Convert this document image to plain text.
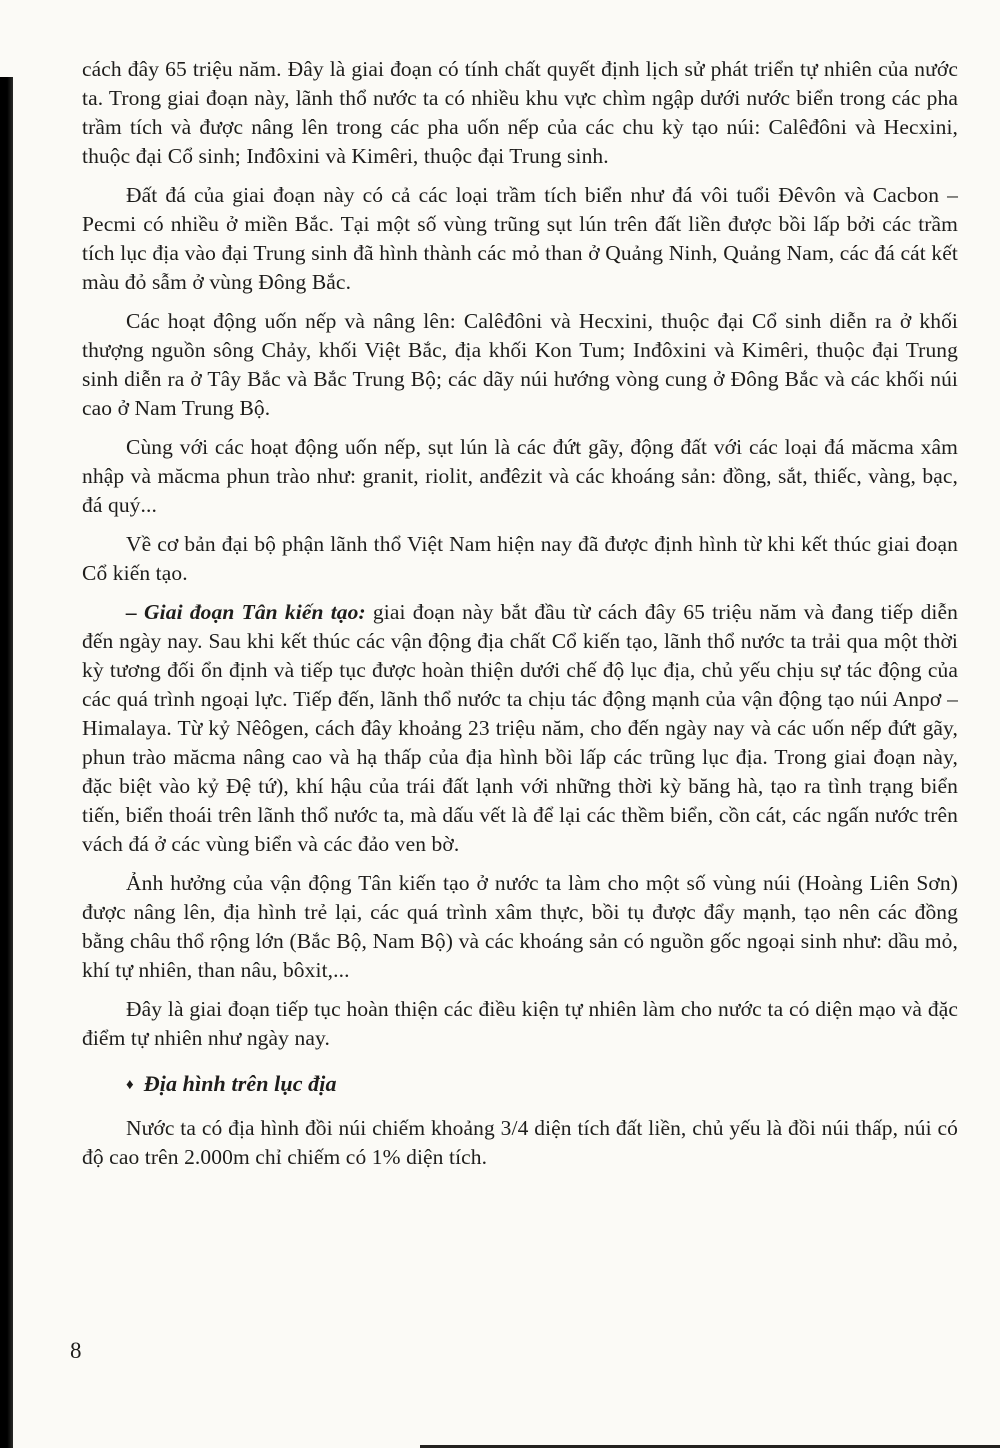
cách đây 65 triệu năm. Đây là giai đoạn có tính chất quyết định lịch sử phát triển tự nhiên của nước ta. Trong giai đoạn này, lãnh thổ nước ta có nhiều khu vực chìm ngập dưới nước biển trong các pha trầm tích và được nâng lên trong các pha uốn nếp của các chu kỳ tạo núi: Calêđôni và Hecxini, thuộc đại Cổ sinh; Inđôxini và Kimêri, thuộc đại Trung sinh.

Đất đá của giai đoạn này có cả các loại trầm tích biển như đá vôi tuổi Đêvôn và Cacbon – Pecmi có nhiều ở miền Bắc. Tại một số vùng trũng sụt lún trên đất liền được bồi lấp bởi các trầm tích lục địa vào đại Trung sinh đã hình thành các mỏ than ở Quảng Ninh, Quảng Nam, các đá cát kết màu đỏ sẫm ở vùng Đông Bắc.

Các hoạt động uốn nếp và nâng lên: Calêđôni và Hecxini, thuộc đại Cổ sinh diễn ra ở khối thượng nguồn sông Chảy, khối Việt Bắc, địa khối Kon Tum; Inđôxini và Kimêri, thuộc đại Trung sinh diễn ra ở Tây Bắc và Bắc Trung Bộ; các dãy núi hướng vòng cung ở Đông Bắc và các khối núi cao ở Nam Trung Bộ.

Cùng với các hoạt động uốn nếp, sụt lún là các đứt gãy, động đất với các loại đá măcma xâm nhập và măcma phun trào như: granit, riolit, anđêzit và các khoáng sản: đồng, sắt, thiếc, vàng, bạc, đá quý...

Về cơ bản đại bộ phận lãnh thổ Việt Nam hiện nay đã được định hình từ khi kết thúc giai đoạn Cổ kiến tạo.

– Giai đoạn Tân kiến tạo: giai đoạn này bắt đầu từ cách đây 65 triệu năm và đang tiếp diễn đến ngày nay. Sau khi kết thúc các vận động địa chất Cổ kiến tạo, lãnh thổ nước ta trải qua một thời kỳ tương đối ổn định và tiếp tục được hoàn thiện dưới chế độ lục địa, chủ yếu chịu sự tác động của các quá trình ngoại lực. Tiếp đến, lãnh thổ nước ta chịu tác động mạnh của vận động tạo núi Anpơ – Himalaya. Từ kỷ Nêôgen, cách đây khoảng 23 triệu năm, cho đến ngày nay và các uốn nếp đứt gãy, phun trào măcma nâng cao và hạ thấp của địa hình bồi lấp các trũng lục địa. Trong giai đoạn này, đặc biệt vào kỷ Đệ tứ), khí hậu của trái đất lạnh với những thời kỳ băng hà, tạo ra tình trạng biển tiến, biển thoái trên lãnh thổ nước ta, mà dấu vết là để lại các thềm biển, cồn cát, các ngấn nước trên vách đá ở các vùng biển và các đảo ven bờ.

Ảnh hưởng của vận động Tân kiến tạo ở nước ta làm cho một số vùng núi (Hoàng Liên Sơn) được nâng lên, địa hình trẻ lại, các quá trình xâm thực, bồi tụ được đẩy mạnh, tạo nên các đồng bằng châu thổ rộng lớn (Bắc Bộ, Nam Bộ) và các khoáng sản có nguồn gốc ngoại sinh như: dầu mỏ, khí tự nhiên, than nâu, bôxit,...

Đây là giai đoạn tiếp tục hoàn thiện các điều kiện tự nhiên làm cho nước ta có diện mạo và đặc điểm tự nhiên như ngày nay.

♦ Địa hình trên lục địa

Nước ta có địa hình đồi núi chiếm khoảng 3/4 diện tích đất liền, chủ yếu là đồi núi thấp, núi có độ cao trên 2.000m chỉ chiếm có 1% diện tích.

8
